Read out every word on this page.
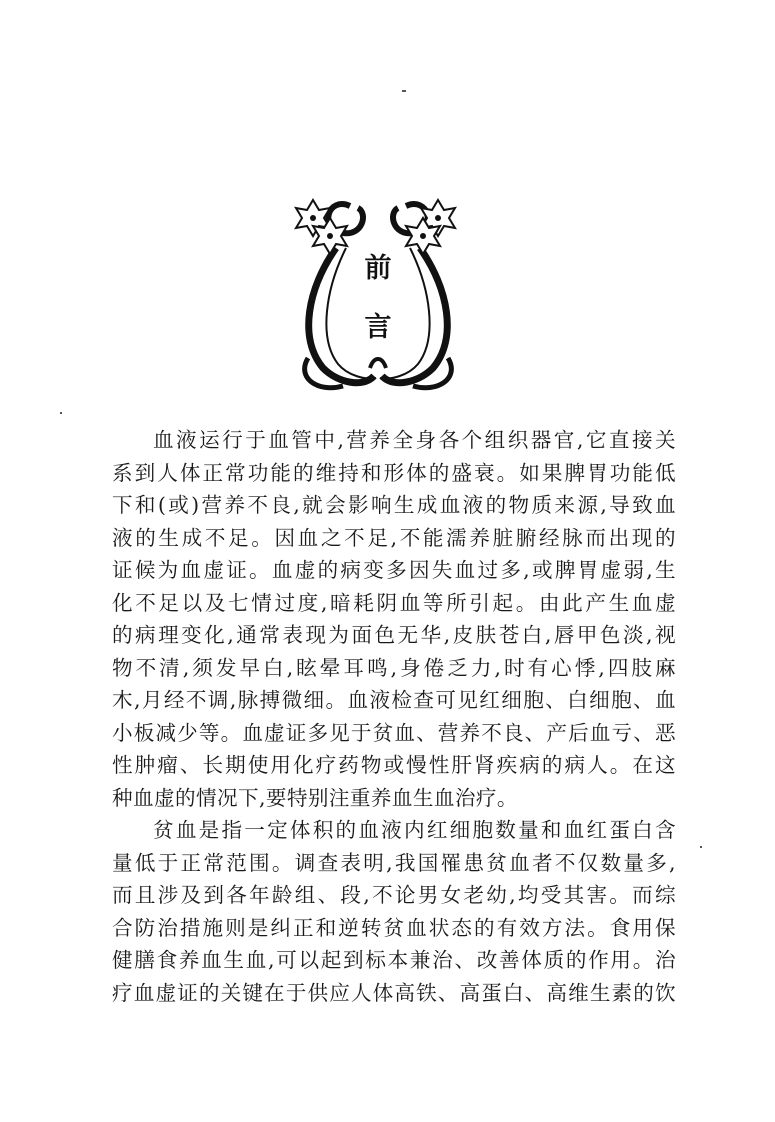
前
言
血液运行于血管中,营养全身各个组织器官,它直接关
系到人体正常功能的维持和形体的盛衰。如果脾胃功能低
下和(或)营养不良,就会影响生成血液的物质来源,导致血
液的生成不足。因血之不足,不能濡养脏腑经脉而出现的
证候为血虚证。血虚的病变多因失血过多,或脾胃虚弱,生
化不足以及七情过度,暗耗阴血等所引起。由此产生血虚
的病理变化,通常表现为面色无华,皮肤苍白,唇甲色淡,视
物不清,须发早白,眩晕耳鸣,身倦乏力,时有心悸,四肢麻
木,月经不调,脉搏微细。血液检查可见红细胞、白细胞、血
小板减少等。血虚证多见于贫血、营养不良、产后血亏、恶
性肿瘤、长期使用化疗药物或慢性肝肾疾病的病人。在这
种血虚的情况下,要特别注重养血生血治疗。
贫血是指一定体积的血液内红细胞数量和血红蛋白含
量低于正常范围。调查表明,我国罹患贫血者不仅数量多,
而且涉及到各年龄组、段,不论男女老幼,均受其害。而综
合防治措施则是纠正和逆转贫血状态的有效方法。食用保
健膳食养血生血,可以起到标本兼治、改善体质的作用。治
疗血虚证的关键在于供应人体高铁、高蛋白、高维生素的饮
